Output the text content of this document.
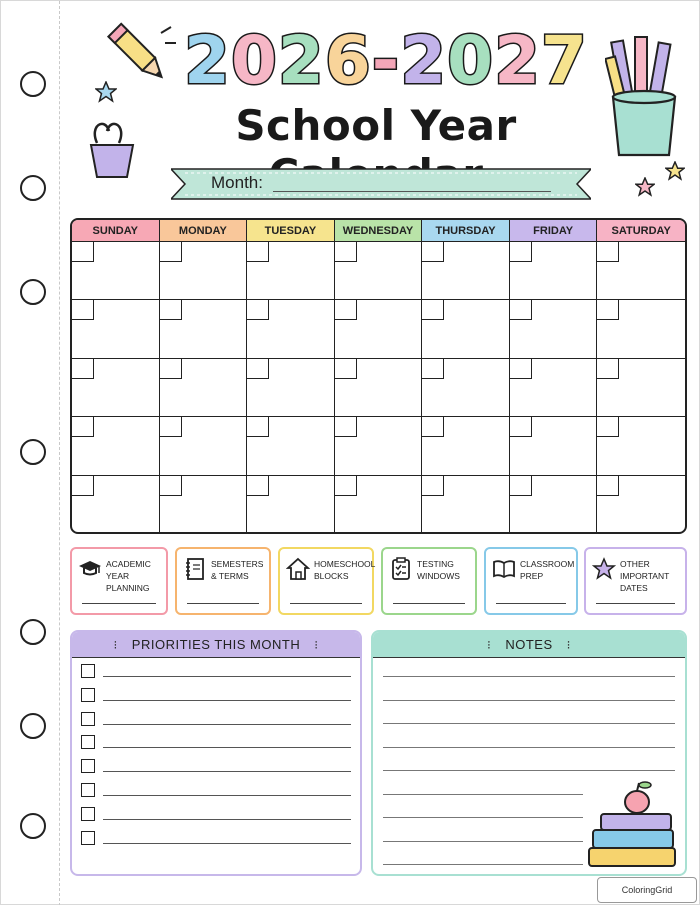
2 0 2 6 - 2 0 2 7
School Year
Month:
SUNDAY	MONDAY	TUESDAY	WEDNESDAY	THURSDAY	FRIDAY	SATURDAY
ACADEMIC
YEAR PLANNING
SEMESTERS
& TERMS
HOMESCHOOL
BLOCKS
TESTING
WINDOWS
CLASSROOM
PREP
OTHER
IMPORTANT DATES
⁝ PRIORITIES THIS MONTH ⁝	⁝ NOTES ⁝
ColoringGrid
